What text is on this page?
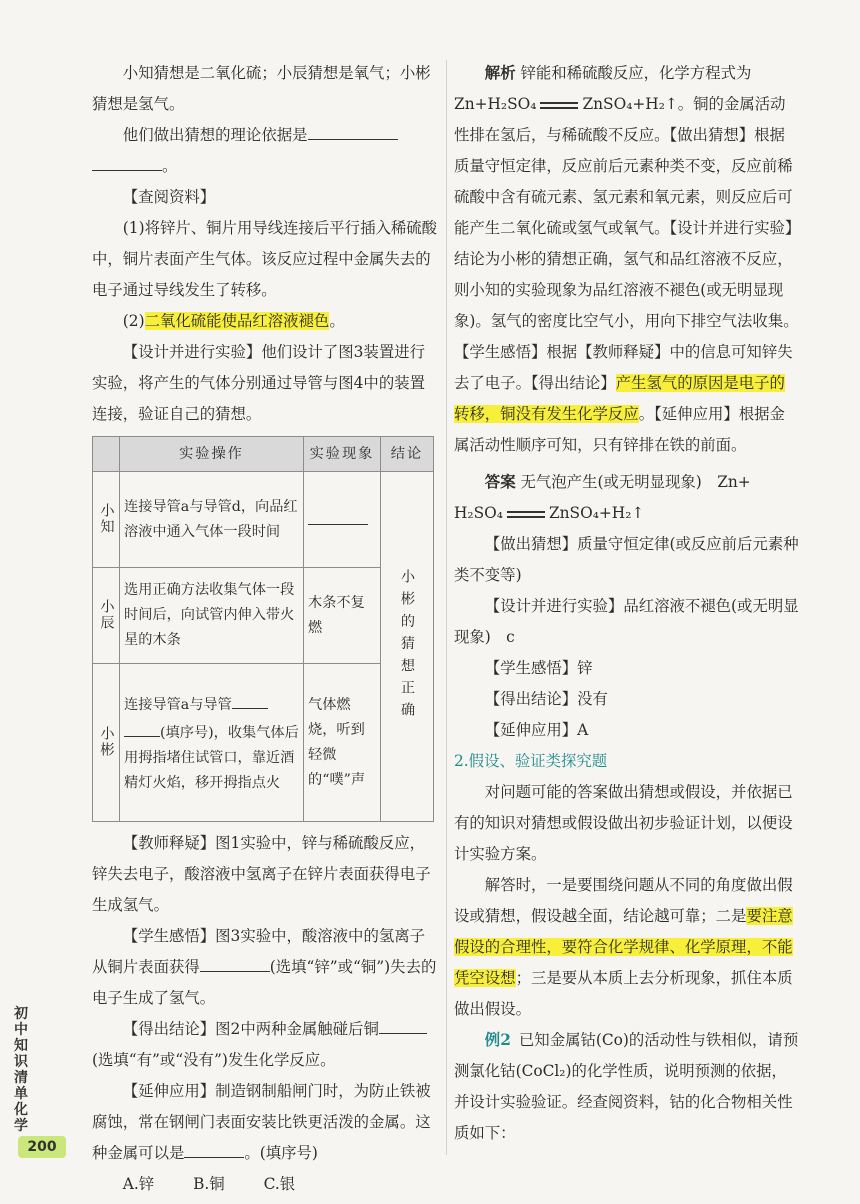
小知猜想是二氧化硫；小辰猜想是氧气；小彬猜想是氢气。

他们做出猜想的理论依据是
。

【查阅资料】

(1)将锌片、铜片用导线连接后平行插入稀硫酸中，铜片表面产生气体。该反应过程中金属失去的电子通过导线发生了转移。

(2)二氧化硫能使品红溶液褪色。

【设计并进行实验】他们设计了图3装置进行实验，将产生的气体分别通过导管与图4中的装置连接，验证自己的猜想。

	实验操作	实验现象	结论
小知	连接导管a与导管d，向品红溶液中通入气体一段时间		小彬的猜想正确
小辰	选用正确方法收集气体一段时间后，向试管内伸入带火星的木条	木条不复燃	
小彬	连接导管a与导管(填序号)，收集气体后用拇指堵住试管口，靠近酒精灯火焰，移开拇指点火	气体燃烧，听到轻微的“噗”声	

【教师释疑】图1实验中，锌与稀硫酸反应，锌失去电子，酸溶液中氢离子在锌片表面获得电子生成氢气。

【学生感悟】图3实验中，酸溶液中的氢离子从铜片表面获得	(选填“锌”或“铜”)失去的电子生成了氢气。

【得出结论】图2中两种金属触碰后铜(选填“有”或“没有”)发生化学反应。

【延伸应用】制造钢制船闸门时，为防止铁被腐蚀，常在钢闸门表面安装比铁更活泼的金属。这种金属可以是	。(填序号)

A.锌	B.铜	C.银

解析 锌能和稀硫酸反应，化学方程式为
Zn+H₂SO₄	ZnSO₄+H₂↑。铜的金属活动性排在氢后，与稀硫酸不反应。【做出猜想】根据质量守恒定律，反应前后元素种类不变，反应前稀硫酸中含有硫元素、氢元素和氧元素，则反应后可能产生二氧化硫或氢气或氧气。【设计并进行实验】结论为小彬的猜想正确，氢气和品红溶液不反应，则小知的实验现象为品红溶液不褪色(或无明显现象)。氢气的密度比空气小，用向下排空气法收集。【学生感悟】根据【教师释疑】中的信息可知锌失去了电子。【得出结论】产生氢气的原因是电子的转移，铜没有发生化学反应。【延伸应用】根据金属活动性顺序可知，只有锌排在铁的前面。

答案 无气泡产生(或无明显现象)　Zn+
H₂SO₄	ZnSO₄+H₂↑

【做出猜想】质量守恒定律(或反应前后元素种类不变等)

【设计并进行实验】品红溶液不褪色(或无明显现象)　c

【学生感悟】锌

【得出结论】没有

【延伸应用】A

2.假设、验证类探究题

对问题可能的答案做出猜想或假设，并依据已有的知识对猜想或假设做出初步验证计划，以便设计实验方案。

解答时，一是要围绕问题从不同的角度做出假设或猜想，假设越全面，结论越可靠；二是要注意假设的合理性，要符合化学规律、化学原理，不能凭空设想；三是要从本质上去分析现象，抓住本质做出假设。

例2 已知金属钴(Co)的活动性与铁相似，请预测氯化钴(CoCl₂)的化学性质，说明预测的依据，并设计实验验证。经查阅资料，钴的化合物相关性质如下：

初中知识清单 化学
200
